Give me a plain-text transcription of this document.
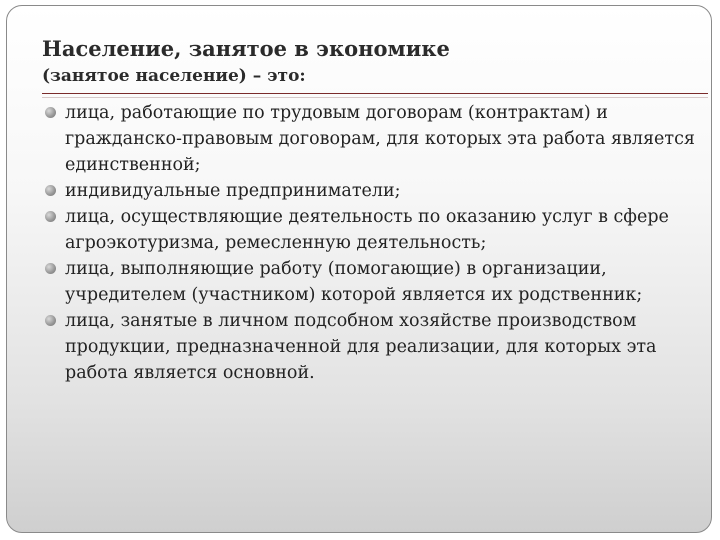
Население, занятое в экономике
(занятое население) – это:
лица, работающие по трудовым договорам (контрактам) и гражданско-правовым договорам, для которых эта работа является единственной;
индивидуальные предприниматели;
лица, осуществляющие деятельность по оказанию услуг в сфере агроэкотуризма, ремесленную деятельность;
лица, выполняющие работу (помогающие) в организации, учредителем (участником) которой является их родственник;
лица, занятые в личном подсобном хозяйстве производством продукции, предназначенной для реализации, для которых эта работа является основной.
